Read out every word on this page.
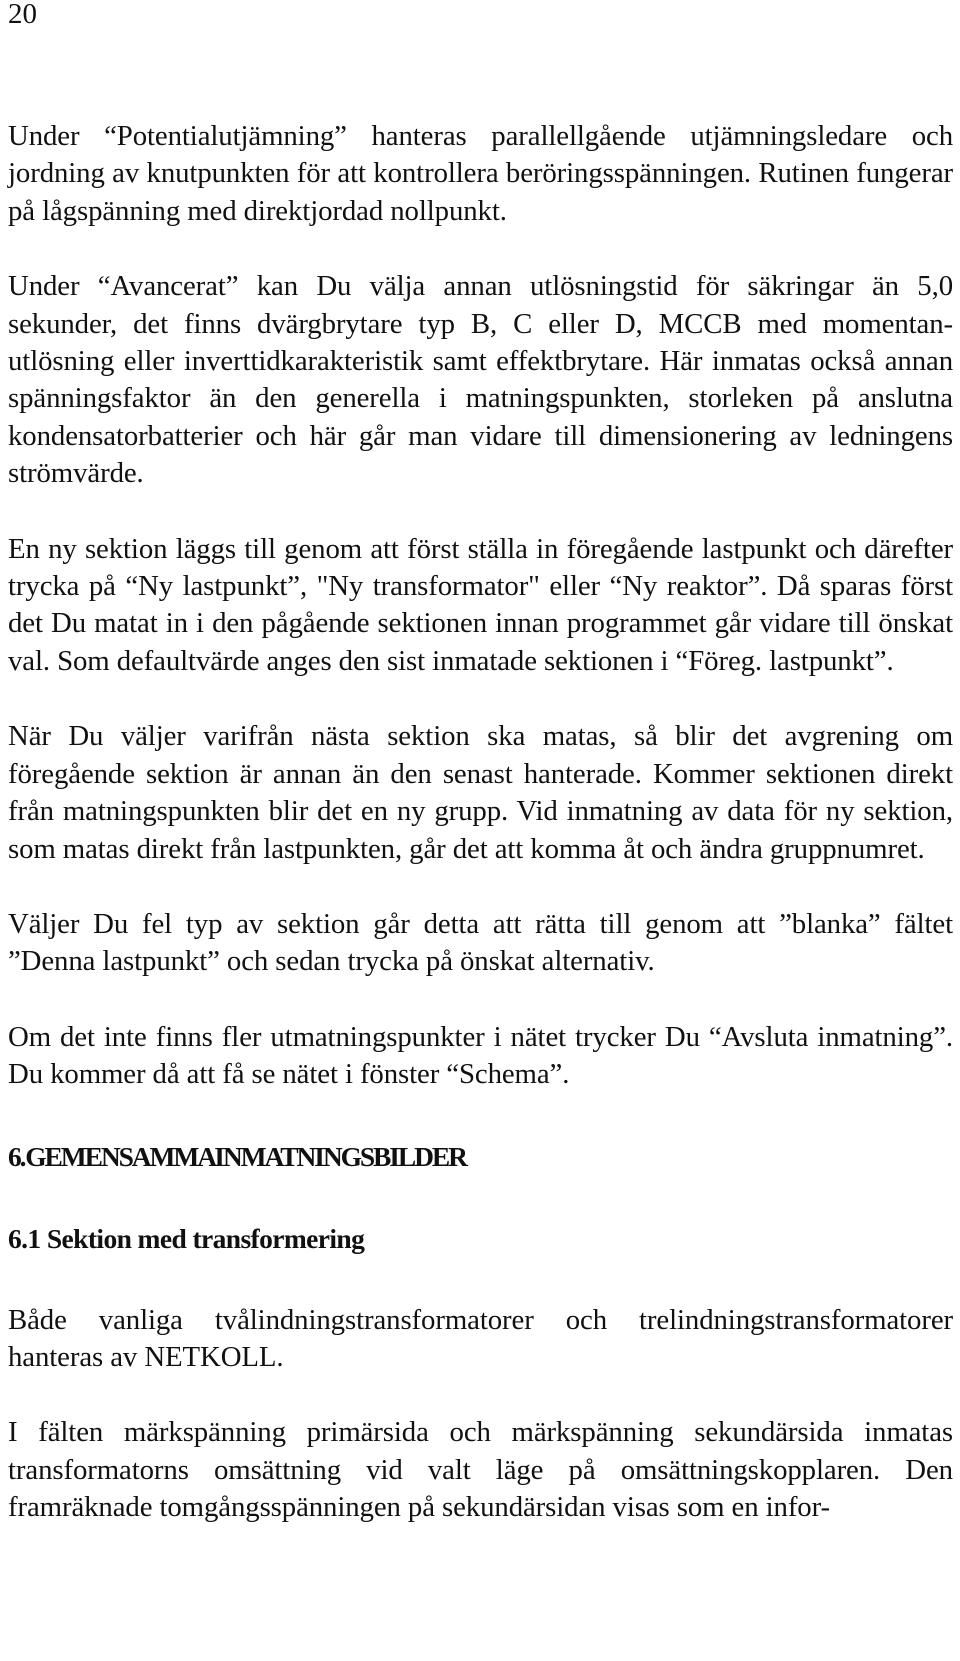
20

Under “Potentialutjämning” hanteras parallellgående utjämningsledare och jordning av knutpunkten för att kontrollera beröringsspänningen. Rutinen fungerar på lågspänning med direktjordad nollpunkt.

Under “Avancerat” kan Du välja annan utlösningstid för säkringar än 5,0 sekunder, det finns dvärgbrytare typ B, C eller D, MCCB med momentan-utlösning eller inverttidkarakteristik samt effektbrytare. Här inmatas också annan spänningsfaktor än den generella i matningspunkten, storleken på anslutna kondensatorbatterier och här går man vidare till dimensionering av ledningens strömvärde.

En ny sektion läggs till genom att först ställa in föregående lastpunkt och därefter trycka på “Ny lastpunkt”, "Ny transformator" eller “Ny reaktor”. Då sparas först det Du matat in i den pågående sektionen innan programmet går vidare till önskat val. Som defaultvärde anges den sist inmatade sektionen i “Föreg. lastpunkt”.

När Du väljer varifrån nästa sektion ska matas, så blir det avgrening om föregående sektion är annan än den senast hanterade. Kommer sektionen direkt från matningspunkten blir det en ny grupp. Vid inmatning av data för ny sektion, som matas direkt från lastpunkten, går det att komma åt och ändra gruppnumret.

Väljer Du fel typ av sektion går detta att rätta till genom att ”blanka” fältet ”Denna lastpunkt” och sedan trycka på önskat alternativ.

Om det inte finns fler utmatningspunkter i nätet trycker Du “Avsluta inmatning”. Du kommer då att få se nätet i fönster “Schema”.

6. GEMENSAMMA INMATNINGSBILDER
6.1 Sektion med transformering

Både vanliga tvålindningstransformatorer och trelindningstransformatorer hanteras av NETKOLL.

I fälten märkspänning primärsida och märkspänning sekundärsida inmatas transformatorns omsättning vid valt läge på omsättningskopplaren. Den framräknade tomgångsspänningen på sekundärsidan visas som en infor-
